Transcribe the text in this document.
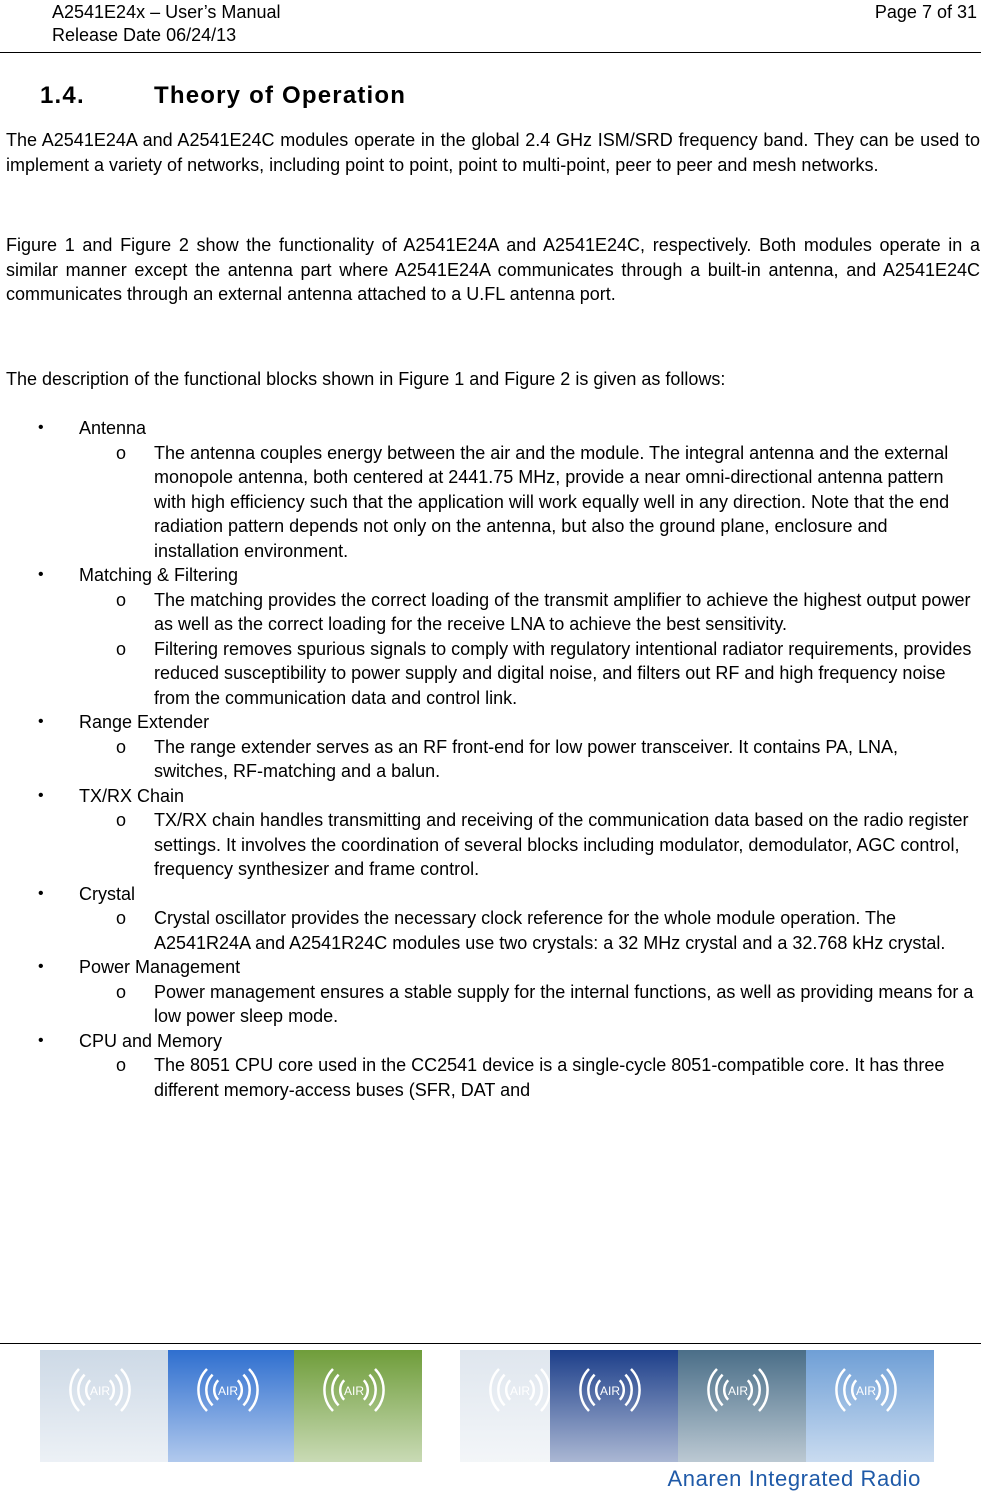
A2541E24x – User’s Manual
Release Date 06/24/13
Page 7 of 31
1.4.	Theory of Operation
The A2541E24A and A2541E24C modules operate in the global 2.4 GHz ISM/SRD frequency band. They can be used to implement a variety of networks, including point to point, point to multi-point, peer to peer and mesh networks.
Figure 1 and Figure 2 show the functionality of A2541E24A and A2541E24C, respectively. Both modules operate in a similar manner except the antenna part where A2541E24A communicates through a built-in antenna, and A2541E24C communicates through an external antenna attached to a U.FL antenna port.
The description of the functional blocks shown in Figure 1 and Figure 2 is given as follows:
• Antenna
o The antenna couples energy between the air and the module. The integral antenna and the external monopole antenna, both centered at 2441.75 MHz, provide a near omni-directional antenna pattern with high efficiency such that the application will work equally well in any direction. Note that the end radiation pattern depends not only on the antenna, but also the ground plane, enclosure and installation environment.
• Matching & Filtering
o The matching provides the correct loading of the transmit amplifier to achieve the highest output power as well as the correct loading for the receive LNA to achieve the best sensitivity.
o Filtering removes spurious signals to comply with regulatory intentional radiator requirements, provides reduced susceptibility to power supply and digital noise, and filters out RF and high frequency noise from the communication data and control link.
• Range Extender
o The range extender serves as an RF front-end for low power transceiver. It contains PA, LNA, switches, RF-matching and a balun.
• TX/RX Chain
o TX/RX chain handles transmitting and receiving of the communication data based on the radio register settings. It involves the coordination of several blocks including modulator, demodulator, AGC control, frequency synthesizer and frame control.
• Crystal
o Crystal oscillator provides the necessary clock reference for the whole module operation. The A2541R24A and A2541R24C modules use two crystals: a 32 MHz crystal and a 32.768 kHz crystal.
• Power Management
o Power management ensures a stable supply for the internal functions, as well as providing means for a low power sleep mode.
• CPU and Memory
o The 8051 CPU core used in the CC2541 device is a single-cycle 8051-compatible core. It has three different memory-access buses (SFR, DAT and
AIR	AIR	AIR	AIR	AIR	AIR	AIR
Anaren Integrated Radio
